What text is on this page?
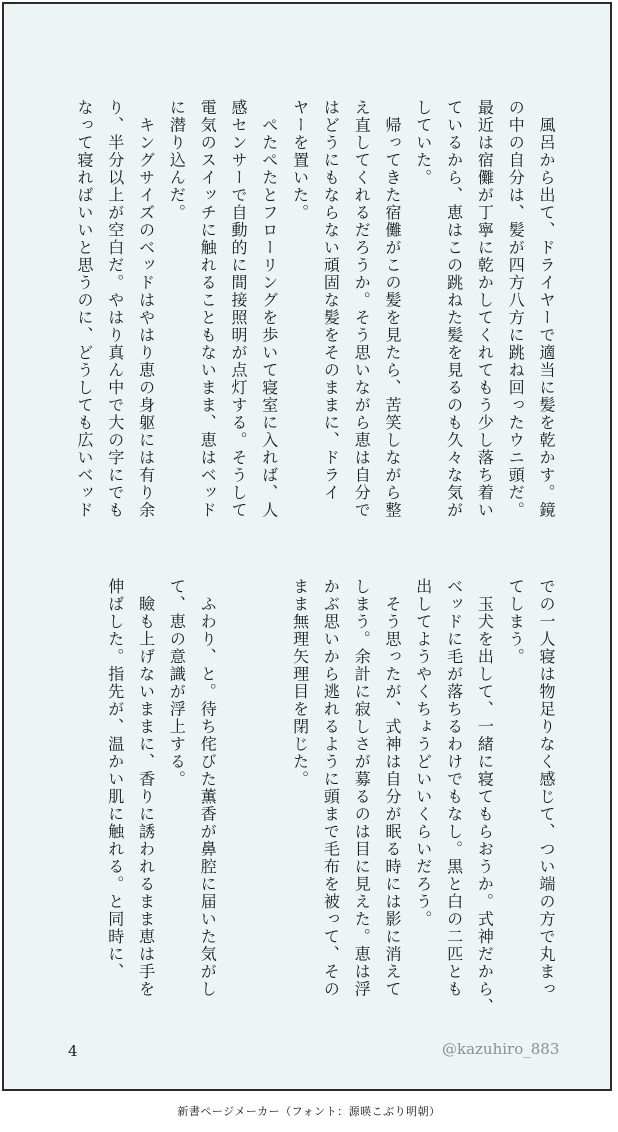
　風呂から出て、ドライヤーで適当に髪を乾かす。鏡
の中の自分は、髪が四方八方に跳ね回ったウニ頭だ。
最近は宿儺が丁寧に乾かしてくれてもう少し落ち着い
ているから、恵はこの跳ねた髪を見るのも久々な気が
していた。
　帰ってきた宿儺がこの髪を見たら、苦笑しながら整
え直してくれるだろうか。そう思いながら恵は自分で
はどうにもならない頑固な髪をそのままに、ドライ
ヤーを置いた。
　ぺたぺたとフローリングを歩いて寝室に入れば、人
感センサーで自動的に間接照明が点灯する。そうして
電気のスイッチに触れることもないまま、恵はベッド
に潜り込んだ。
　キングサイズのベッドはやはり恵の身躯には有り余
り、半分以上が空白だ。やはり真ん中で大の字にでも
なって寝ればいいと思うのに、どうしても広いベッド
での一人寝は物足りなく感じて、つい端の方で丸まっ
てしまう。
　玉犬を出して、一緒に寝てもらおうか。式神だから、
ベッドに毛が落ちるわけでもなし。黒と白の二匹とも
出してようやくちょうどいいくらいだろう。
　そう思ったが、式神は自分が眠る時には影に消えて
しまう。余計に寂しさが募るのは目に見えた。恵は浮
かぶ思いから逃れるように頭まで毛布を被って、その
まま無理矢理目を閉じた。
　ふわり、と。待ち侘びた薫香が鼻腔に届いた気がし
て、恵の意識が浮上する。
　瞼も上げないままに、香りに誘われるまま恵は手を
伸ばした。指先が、温かい肌に触れる。と同時に、
4	@kazuhiro_883
新書ページメーカー（フォント：源暎こぶり明朝）
